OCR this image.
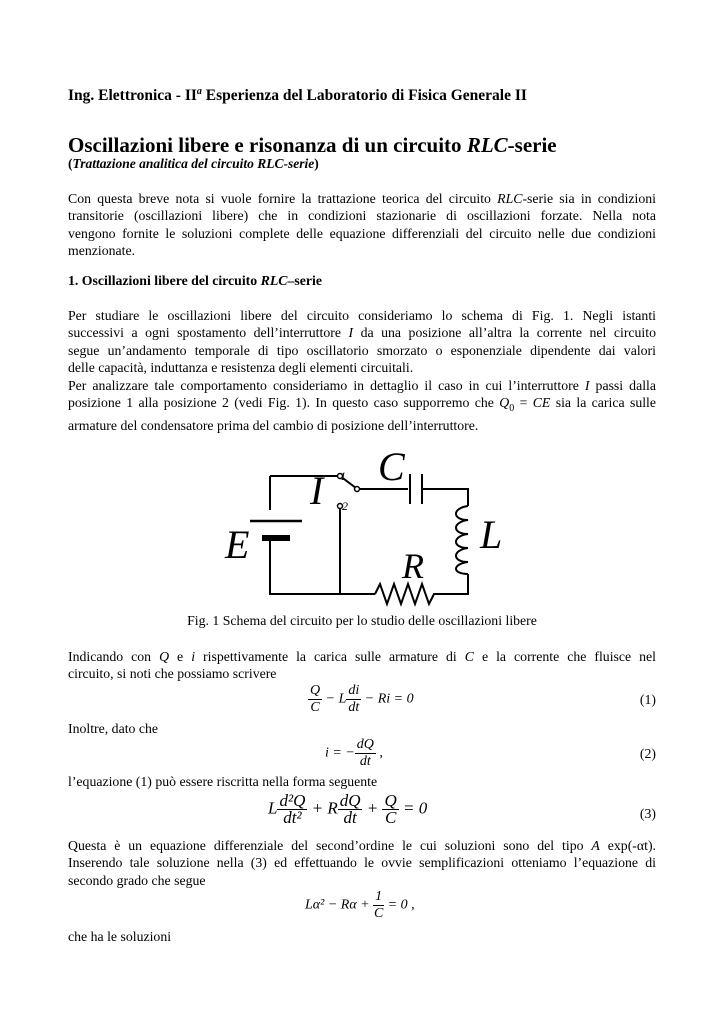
Ing. Elettronica - $II^a$ Esperienza del Laboratorio di Fisica Generale II
Oscillazioni libere e risonanza di un circuito RLC-serie
(Trattazione analitica del circuito RLC-serie)
Con questa breve nota si vuole fornire la trattazione teorica del circuito RLC-serie sia in condizioni
transitorie (oscillazioni libere) che in condizioni stazionarie di oscillazioni forzate. Nella nota
vengono fornite le soluzioni complete delle equazione differenziali del circuito nelle due condizioni
menzionate.
1. Oscillazioni libere del circuito RLC–serie
Per studiare le oscillazioni libere del circuito consideriamo lo schema di Fig. 1. Negli istanti
successivi a ogni spostamento dell’interruttore I da una posizione all’altra la corrente nel circuito
segue un’andamento temporale di tipo oscillatorio smorzato o esponenziale dipendente dai valori
delle capacità, induttanza e resistenza degli elementi circuitali.
Per analizzare tale comportamento consideriamo in dettaglio il caso in cui l’interruttore I passi dalla
posizione 1 alla posizione 2 (vedi Fig. 1). In questo caso supporremo che $Q_0$ = CE sia la carica sulle
armature del condensatore prima del cambio di posizione dell’interruttore.
C
I
E	L
R
1
2
Fig. 1 Schema del circuito per lo studio delle oscillazioni libere
Indicando con Q e i rispettivamente la carica sulle armature di C e la corrente che fluisce nel
circuito, si noti che possiamo scrivere
$\frac{Q}{C} - L \frac{di}{dt} - Ri = 0$	(1)
Inoltre, dato che
i = − $\frac{dQ}{dt}$ ,	(2)
l’equazione (1) può essere riscritta nella forma seguente
L $\frac{\text{d²Q}}{\text{dt²}} + R \frac{dQ}{dt} + \frac{Q}{C} = 0$	(3)
Questa è un equazione differenziale del second’ordine le cui soluzioni sono del tipo A exp(-αt).
Inserendo tale soluzione nella (3) ed effettuando le ovvie semplificazioni otteniamo l’equazione di
secondo grado che segue
$L\alpha^2 - R\alpha + \frac{1}{C} = 0$ ,
che ha le soluzioni
